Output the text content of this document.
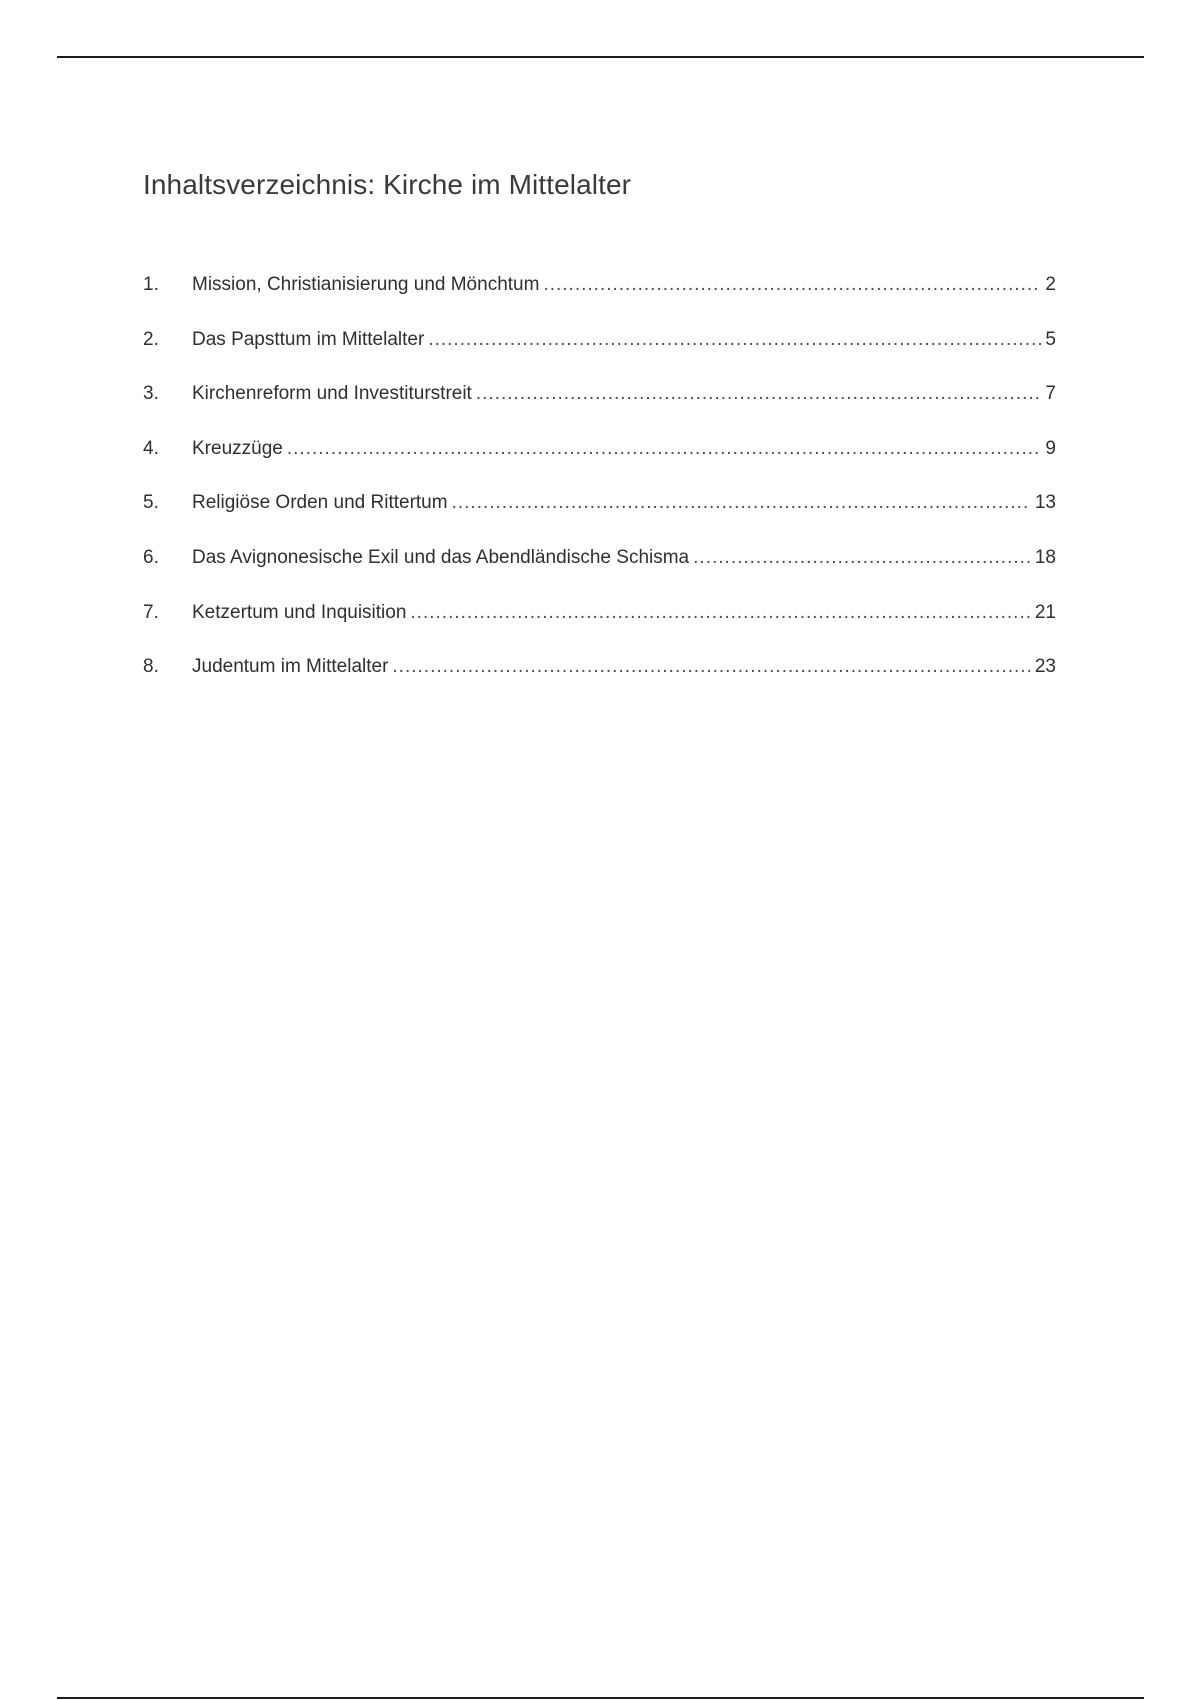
Inhaltsverzeichnis: Kirche im Mittelalter
1.	Mission, Christianisierung und Mönchtum .....	2
2.	Das Papsttum im Mittelalter .....	5
3.	Kirchenreform und Investiturstreit .....	7
4.	Kreuzzüge .....	9
5.	Religiöse Orden und Rittertum .....	13
6.	Das Avignonesische Exil und das Abendländische Schisma .....	18
7.	Ketzertum und Inquisition .....	21
8.	Judentum im Mittelalter .....	23
